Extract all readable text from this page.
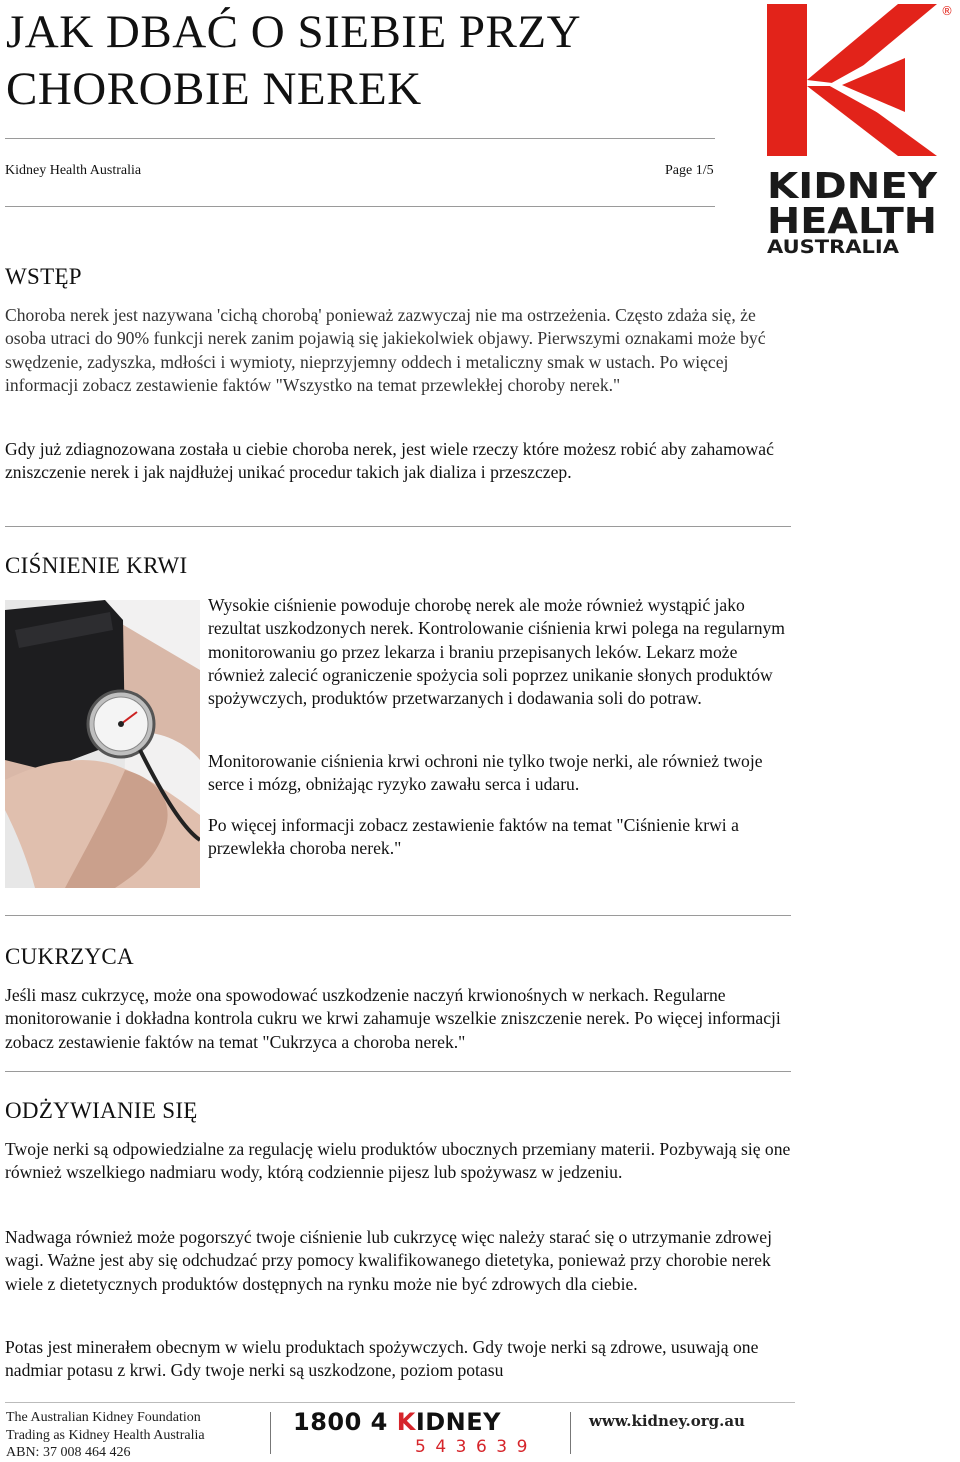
JAK DBAĆ O SIEBIE PRZY CHOROBIE NEREK
Kidney Health Australia	Page 1/5
®
KIDNEY
HEALTH
AUSTRALIA
WSTĘP

Choroba nerek jest nazywana 'cichą chorobą' ponieważ zazwyczaj nie ma ostrzeżenia. Często zdaża się, że osoba utraci do 90% funkcji nerek zanim pojawią się jakiekolwiek objawy. Pierwszymi oznakami może być swędzenie, zadyszka, mdłości i wymioty, nieprzyjemny oddech i metaliczny smak w ustach. Po więcej informacji zobacz zestawienie faktów "Wszystko na temat przewlekłej choroby nerek."

Gdy już zdiagnozowana została u ciebie choroba nerek, jest wiele rzeczy które możesz robić aby zahamować zniszczenie nerek i jak najdłużej unikać procedur takich jak dializa i przeszczep.

CIŚNIENIE KRWI

Wysokie ciśnienie powoduje chorobę nerek ale może również wystąpić jako rezultat uszkodzonych nerek. Kontrolowanie ciśnienia krwi polega na regularnym monitorowaniu go przez lekarza i braniu przepisanych leków. Lekarz może również zalecić ograniczenie spożycia soli poprzez unikanie słonych produktów spożywczych, produktów przetwarzanych i dodawania soli do potraw.

Monitorowanie ciśnienia krwi ochroni nie tylko twoje nerki, ale również twoje serce i mózg, obniżając ryzyko zawału serca i udaru.

Po więcej informacji zobacz zestawienie faktów na temat "Ciśnienie krwi a przewlekła choroba nerek."

CUKRZYCA

Jeśli masz cukrzycę, może ona spowodować uszkodzenie naczyń krwionośnych w nerkach. Regularne monitorowanie i dokładna kontrola cukru we krwi zahamuje wszelkie zniszczenie nerek. Po więcej informacji zobacz zestawienie faktów na temat "Cukrzyca a choroba nerek."

ODŻYWIANIE SIĘ

Twoje nerki są odpowiedzialne za regulację wielu produktów ubocznych przemiany materii. Pozbywają się one również wszelkiego nadmiaru wody, którą codziennie pijesz lub spożywasz w jedzeniu.

Nadwaga również może pogorszyć twoje ciśnienie lub cukrzycę więc należy starać się o utrzymanie zdrowej wagi. Ważne jest aby się odchudzać przy pomocy kwalifikowanego dietetyka, ponieważ przy chorobie nerek wiele z dietetycznych produktów dostępnych na rynku może nie być zdrowych dla ciebie.

Potas jest minerałem obecnym w wielu produktach spożywczych. Gdy twoje nerki są zdrowe, usuwają one nadmiar potasu z krwi. Gdy twoje nerki są uszkodzone, poziom potasu

The Australian Kidney Foundation
Trading as Kidney Health Australia
ABN: 37 008 464 426
1800 4 KIDNEY
543639
www.kidney.org.au
